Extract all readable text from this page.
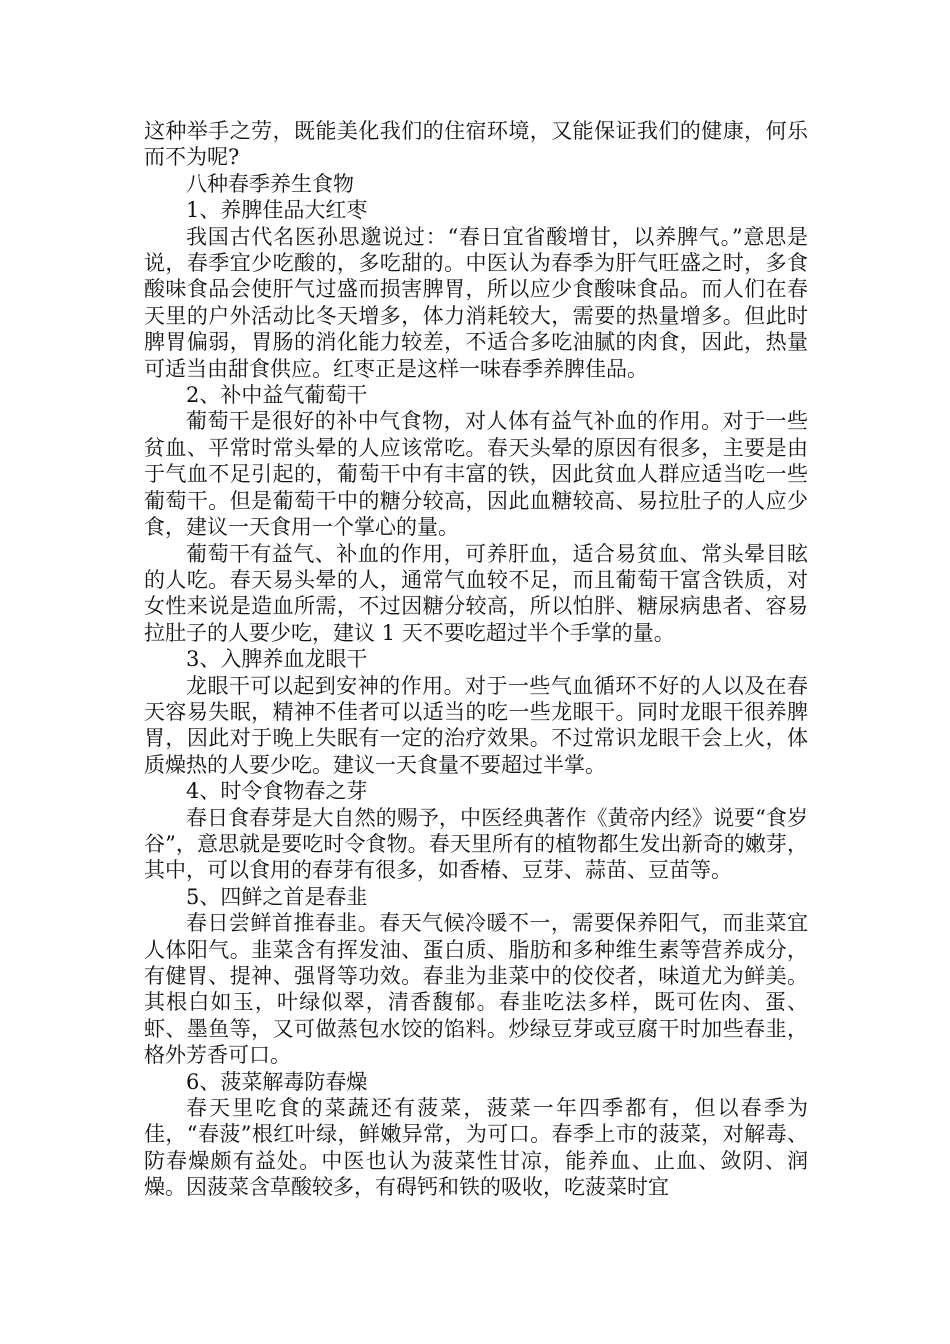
这种举手之劳，既能美化我们的住宿环境，又能保证我们的健康，何乐而不为呢?

八种春季养生食物

1、养脾佳品大红枣

我国古代名医孙思邈说过：“春日宜省酸增甘，以养脾气。”意思是说，春季宜少吃酸的，多吃甜的。中医认为春季为肝气旺盛之时，多食酸味食品会使肝气过盛而损害脾胃，所以应少食酸味食品。而人们在春天里的户外活动比冬天增多，体力消耗较大，需要的热量增多。但此时脾胃偏弱，胃肠的消化能力较差，不适合多吃油腻的肉食，因此，热量可适当由甜食供应。红枣正是这样一味春季养脾佳品。

2、补中益气葡萄干

葡萄干是很好的补中气食物，对人体有益气补血的作用。对于一些贫血、平常时常头晕的人应该常吃。春天头晕的原因有很多，主要是由于气血不足引起的，葡萄干中有丰富的铁，因此贫血人群应适当吃一些葡萄干。但是葡萄干中的糖分较高，因此血糖较高、易拉肚子的人应少食，建议一天食用一个掌心的量。

葡萄干有益气、补血的作用，可养肝血，适合易贫血、常头晕目眩的人吃。春天易头晕的人，通常气血较不足，而且葡萄干富含铁质，对女性来说是造血所需，不过因糖分较高，所以怕胖、糖尿病患者、容易拉肚子的人要少吃，建议 1 天不要吃超过半个手掌的量。

3、入脾养血龙眼干

龙眼干可以起到安神的作用。对于一些气血循环不好的人以及在春天容易失眠，精神不佳者可以适当的吃一些龙眼干。同时龙眼干很养脾胃，因此对于晚上失眠有一定的治疗效果。不过常识龙眼干会上火，体质燥热的人要少吃。建议一天食量不要超过半掌。

4、时令食物春之芽

春日食春芽是大自然的赐予，中医经典著作《黄帝内经》说要“食岁谷”，意思就是要吃时令食物。春天里所有的植物都生发出新奇的嫩芽，其中，可以食用的春芽有很多，如香椿、豆芽、蒜苗、豆苗等。

5、四鲜之首是春韭

春日尝鲜首推春韭。春天气候冷暖不一，需要保养阳气，而韭菜宜人体阳气。韭菜含有挥发油、蛋白质、脂肪和多种维生素等营养成分，有健胃、提神、强肾等功效。春韭为韭菜中的佼佼者，味道尤为鲜美。其根白如玉，叶绿似翠，清香馥郁。春韭吃法多样，既可佐肉、蛋、虾、墨鱼等，又可做蒸包水饺的馅料。炒绿豆芽或豆腐干时加些春韭，格外芳香可口。

6、菠菜解毒防春燥

春天里吃食的菜蔬还有菠菜，菠菜一年四季都有，但以春季为佳，“春菠”根红叶绿，鲜嫩异常，为可口。春季上市的菠菜，对解毒、防春燥颇有益处。中医也认为菠菜性甘凉，能养血、止血、敛阴、润燥。因菠菜含草酸较多，有碍钙和铁的吸收，吃菠菜时宜
